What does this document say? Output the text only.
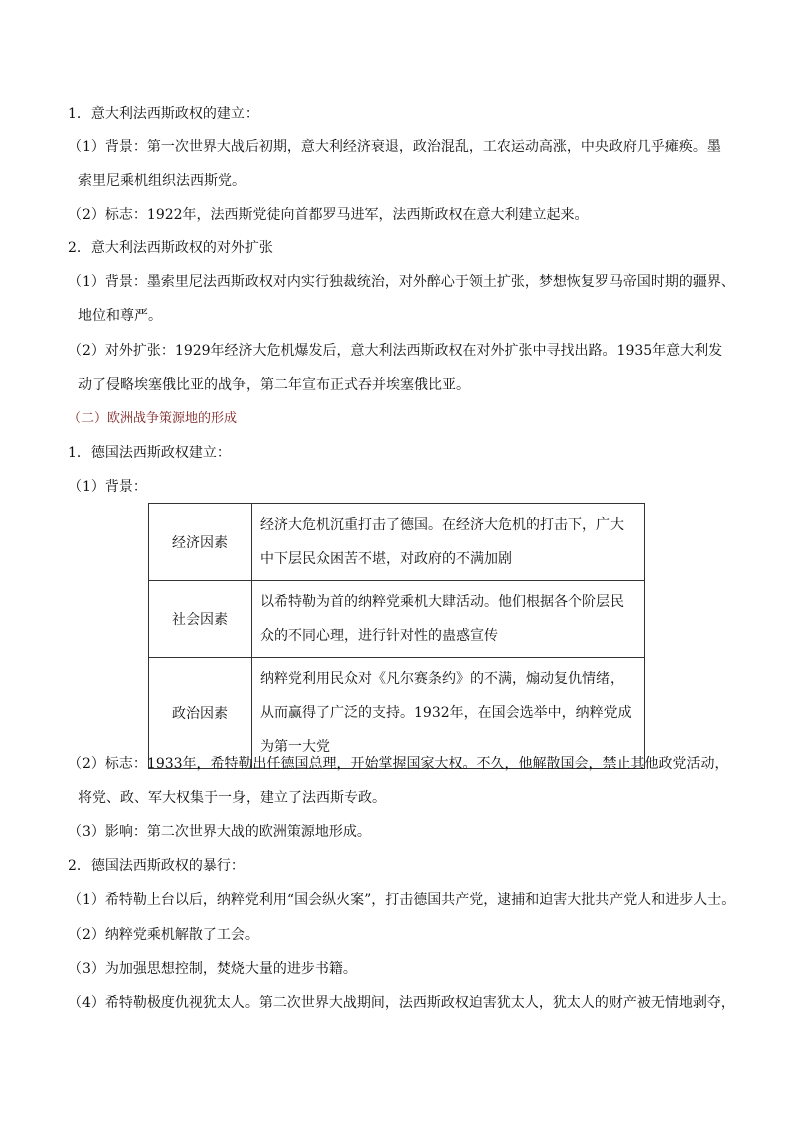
1．意大利法西斯政权的建立：
（1）背景：第一次世界大战后初期，意大利经济衰退，政治混乱，工农运动高涨，中央政府几乎瘫痪。墨
索里尼乘机组织法西斯党。
（2）标志：1922年，法西斯党徒向首都罗马进军，法西斯政权在意大利建立起来。
2．意大利法西斯政权的对外扩张
（1）背景：墨索里尼法西斯政权对内实行独裁统治，对外醉心于领土扩张，梦想恢复罗马帝国时期的疆界、
地位和尊严。
（2）对外扩张：1929年经济大危机爆发后，意大利法西斯政权在对外扩张中寻找出路。1935年意大利发
动了侵略埃塞俄比亚的战争，第二年宣布正式吞并埃塞俄比亚。
（二）欧洲战争策源地的形成
1．德国法西斯政权建立：
（1）背景：
经济因素	经济大危机沉重打击了德国。在经济大危机的打击下，广大中下层民众困苦不堪，对政府的不满加剧
社会因素	以希特勒为首的纳粹党乘机大肆活动。他们根据各个阶层民众的不同心理，进行针对性的蛊惑宣传
政治因素	纳粹党利用民众对《凡尔赛条约》的不满，煽动复仇情绪，从而赢得了广泛的支持。1932年，在国会选举中，纳粹党成为第一大党
（2）标志：1933年，希特勒出任德国总理，开始掌握国家大权。不久，他解散国会，禁止其他政党活动，
将党、政、军大权集于一身，建立了法西斯专政。
（3）影响：第二次世界大战的欧洲策源地形成。
2．德国法西斯政权的暴行：
（1）希特勒上台以后，纳粹党利用“国会纵火案”，打击德国共产党，逮捕和迫害大批共产党人和进步人士。
（2）纳粹党乘机解散了工会。
（3）为加强思想控制，焚烧大量的进步书籍。
（4）希特勒极度仇视犹太人。第二次世界大战期间，法西斯政权迫害犹太人，犹太人的财产被无情地剥夺，
